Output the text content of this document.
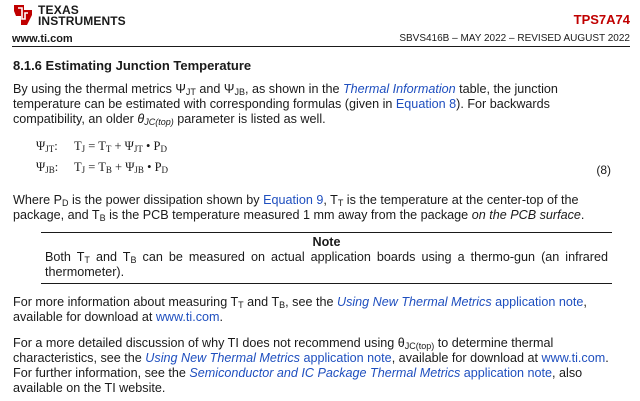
TEXAS
INSTRUMENTS
www.ti.com
TPS7A74
SBVS416B – MAY 2022 – REVISED AUGUST 2022
8.1.6 Estimating Junction Temperature

By using the thermal metrics $\Psi_{JT}$ and $\Psi_{JB}$, as shown in the Thermal Information table, the junction temperature can be estimated with corresponding formulas (given in Equation 8). For backwards compatibility, an older $\theta_{JC(top)}$ parameter is listed as well.

$\Psi_{JT}$: $T_J = T_T + \Psi_{JT}$ • $P_D$
$\Psi_{JB}$: $T_J = T_B + \Psi_{JB}$ • $P_D$	(8)

Where $P_D$ is the power dissipation shown by Equation 9, $T_T$ is the temperature at the center-top of the package, and $T_B$ is the PCB temperature measured 1 mm away from the package on the PCB surface.

Note
Both $T_T$ and $T_B$ can be measured on actual application boards using a thermo-gun (an infrared thermometer).

For more information about measuring $T_T$ and $T_B$, see the Using New Thermal Metrics application note, available for download at www.ti.com.

For a more detailed discussion of why TI does not recommend using $\theta_{JC(top)}$ to determine thermal characteristics, see the Using New Thermal Metrics application note, available for download at www.ti.com. For further information, see the Semiconductor and IC Package Thermal Metrics application note, also available on the TI website.
